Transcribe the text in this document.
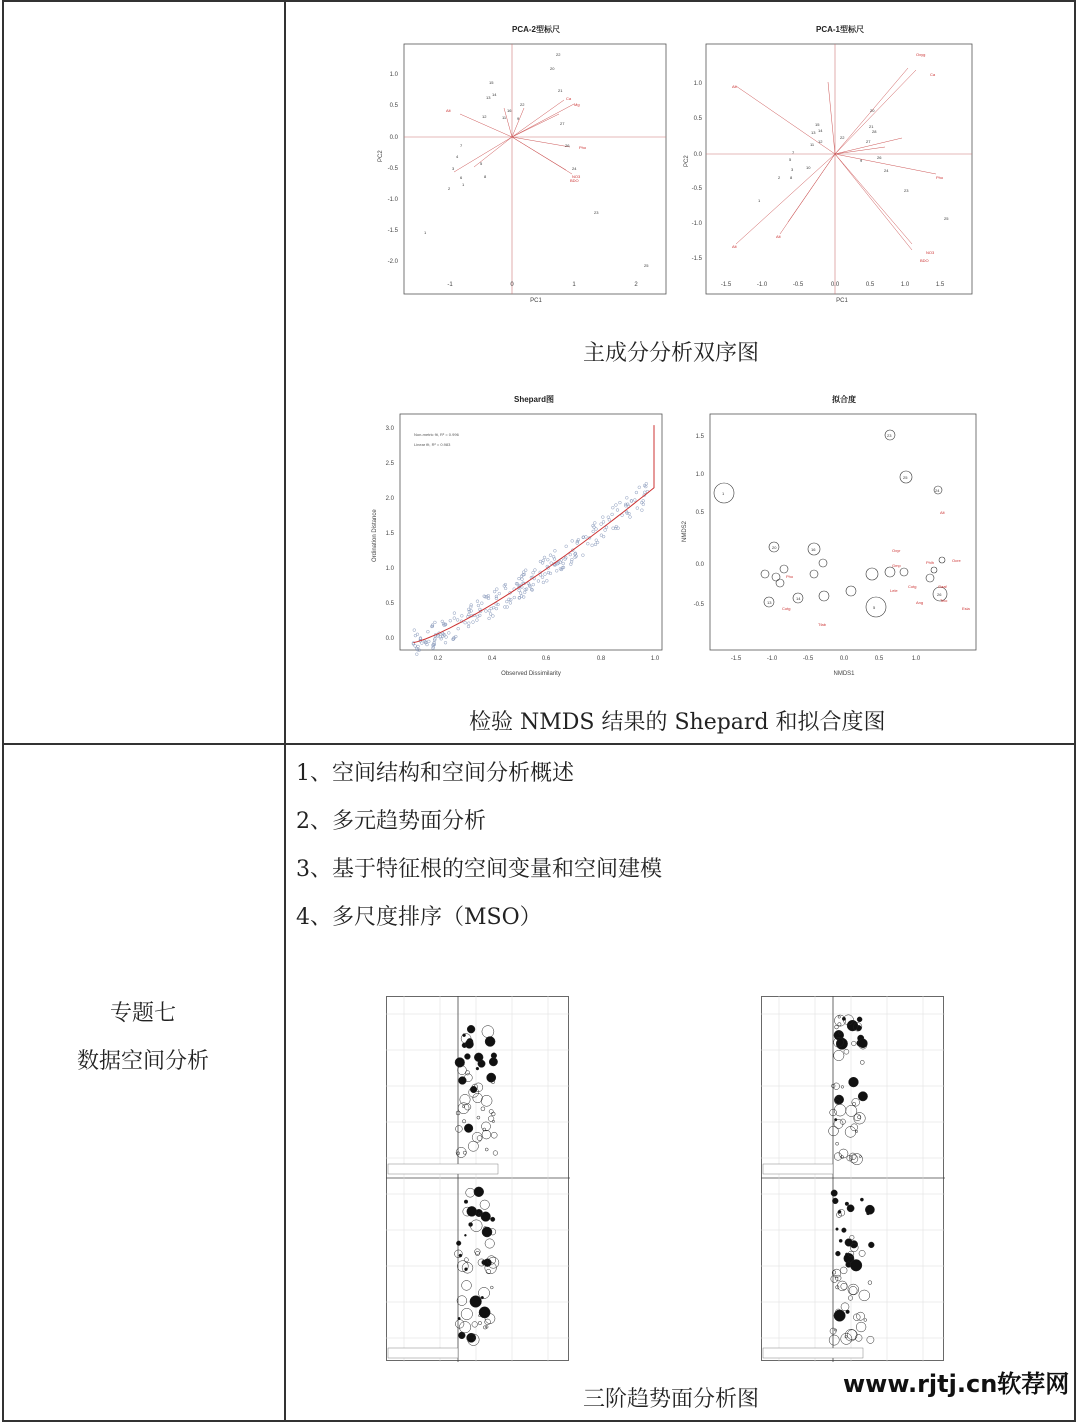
PCA-2型标尺
22
20
15
14
13
22
21
16
12	11	9
7
4
5
3
6	8
2
1
24
26
23
1
25
27
Alt
Ca
Mg
NO3
BDO
Pho
-1	0	1	2
PC1
1.0
0.5
0.0
-0.5
-1.0
-1.5
-2.0
PC2
PCA-1型标尺
15
14
13
11
12
22
20
21
27
28
7
5
2 8
10
3
26
24
23
1
25
9
Alt
Oxyg
Ca
Alt
Alt
NO3
BDO
Pho
-1.5	-1.0	-0.5	0.0	0.5	1.0	1.5
PC1
1.0
0.5
0.0
-0.5
-1.0
-1.5
PC2
主成分分析双序图
Shepard图
Non-metric fit, R² = 0.996
Linear fit, R² = 0.983
0.2	0.4	0.6	0.8	1.0
Observed Dissimilarity
3.0
2.5
2.0
1.5
1.0
0.5
0.0
Ordination Distance
拟合度
1
23
25
24
20	16
14
13
5
26
Alt
Oxyr
Ocre
Phlh
Gmp
Cotg	Gaaf
Teio
Esia
Pho
Cotg
Tfab
Lele
Ang
-1.5	-1.0	-0.5	0.0	0.5	1.0
NMDS1
1.5
1.0
0.5
0.0
-0.5
NMDS2
检验 NMDS 结果的 Shepard 和拟合度图
专题七
数据空间分析
1、空间结构和空间分析概述
2、多元趋势面分析
3、基于特征根的空间变量和空间建模
4、多尺度排序（MSO）
三阶趋势面分析图
www.rjtj.cn软荐网
